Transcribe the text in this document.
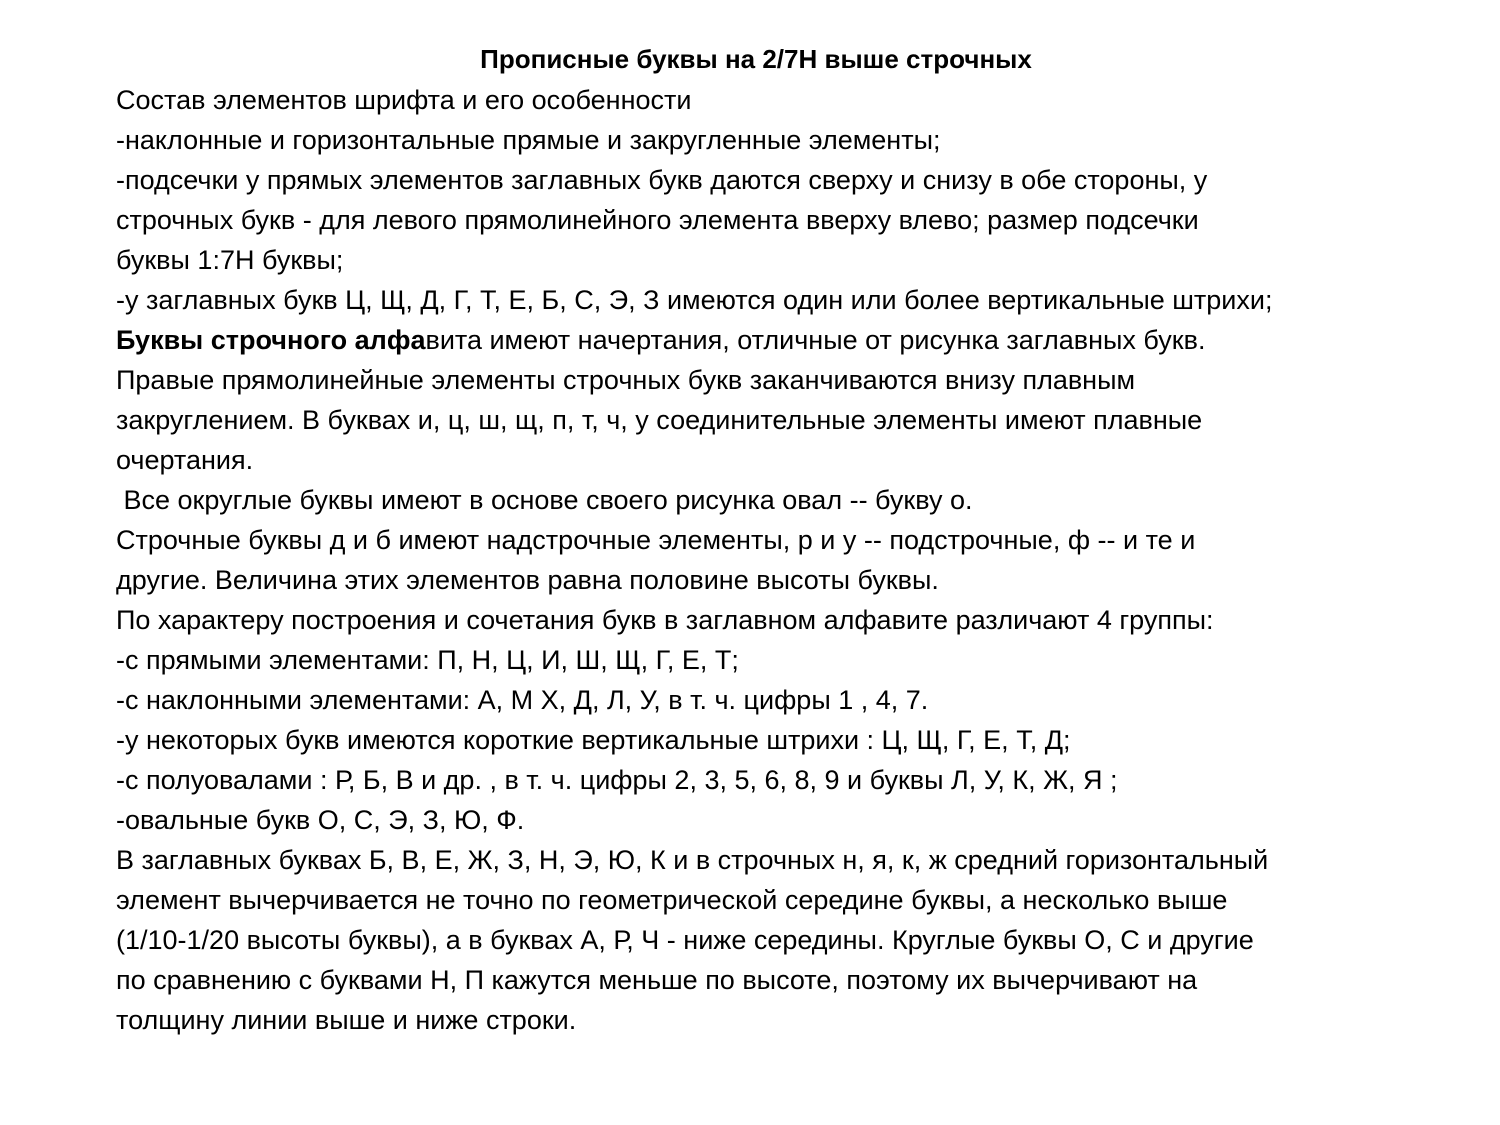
Прописные буквы на 2/7Н выше строчных
Состав элементов шрифта и его особенности
-наклонные и горизонтальные прямые и закругленные элементы;
-подсечки у прямых элементов заглавных букв даются сверху и снизу в обе стороны, у
строчных букв - для левого прямолинейного элемента вверху влево; размер подсечки
буквы 1:7Н буквы;
-у заглавных букв Ц, Щ, Д, Г, Т, Е, Б, С, Э, З имеются один или более вертикальные штрихи;
Буквы строчного алфавита имеют начертания, отличные от рисунка заглавных букв.
Правые прямолинейные элементы строчных букв заканчиваются внизу плавным
закруглением. В буквах и, ц, ш, щ, п, т, ч, у соединительные элементы имеют плавные
очертания.
Все округлые буквы имеют в основе своего рисунка овал -- букву о.
Строчные буквы д и б имеют надстрочные элементы, р и у -- подстрочные, ф -- и те и
другие. Величина этих элементов равна половине высоты буквы.
По характеру построения и сочетания букв в заглавном алфавите различают 4 группы:
-с прямыми элементами: П, Н, Ц, И, Ш, Щ, Г, Е, Т;
-с наклонными элементами: А, М Х, Д, Л, У, в т. ч. цифры 1 , 4, 7.
-у некоторых букв имеются короткие вертикальные штрихи : Ц, Щ, Г, Е, Т, Д;
-с полуовалами : Р, Б, В и др. , в т. ч. цифры 2, 3, 5, 6, 8, 9 и буквы Л, У, К, Ж, Я ;
-овальные букв О, С, Э, З, Ю, Ф.
В заглавных буквах Б, В, Е, Ж, З, Н, Э, Ю, К и в строчных н, я, к, ж средний горизонтальный
элемент вычерчивается не точно по геометрической середине буквы, а несколько выше
(1/10-1/20 высоты буквы), а в буквах А, Р, Ч - ниже середины. Круглые буквы О, С и другие
по сравнению с буквами Н, П кажутся меньше по высоте, поэтому их вычерчивают на
толщину линии выше и ниже строки.
